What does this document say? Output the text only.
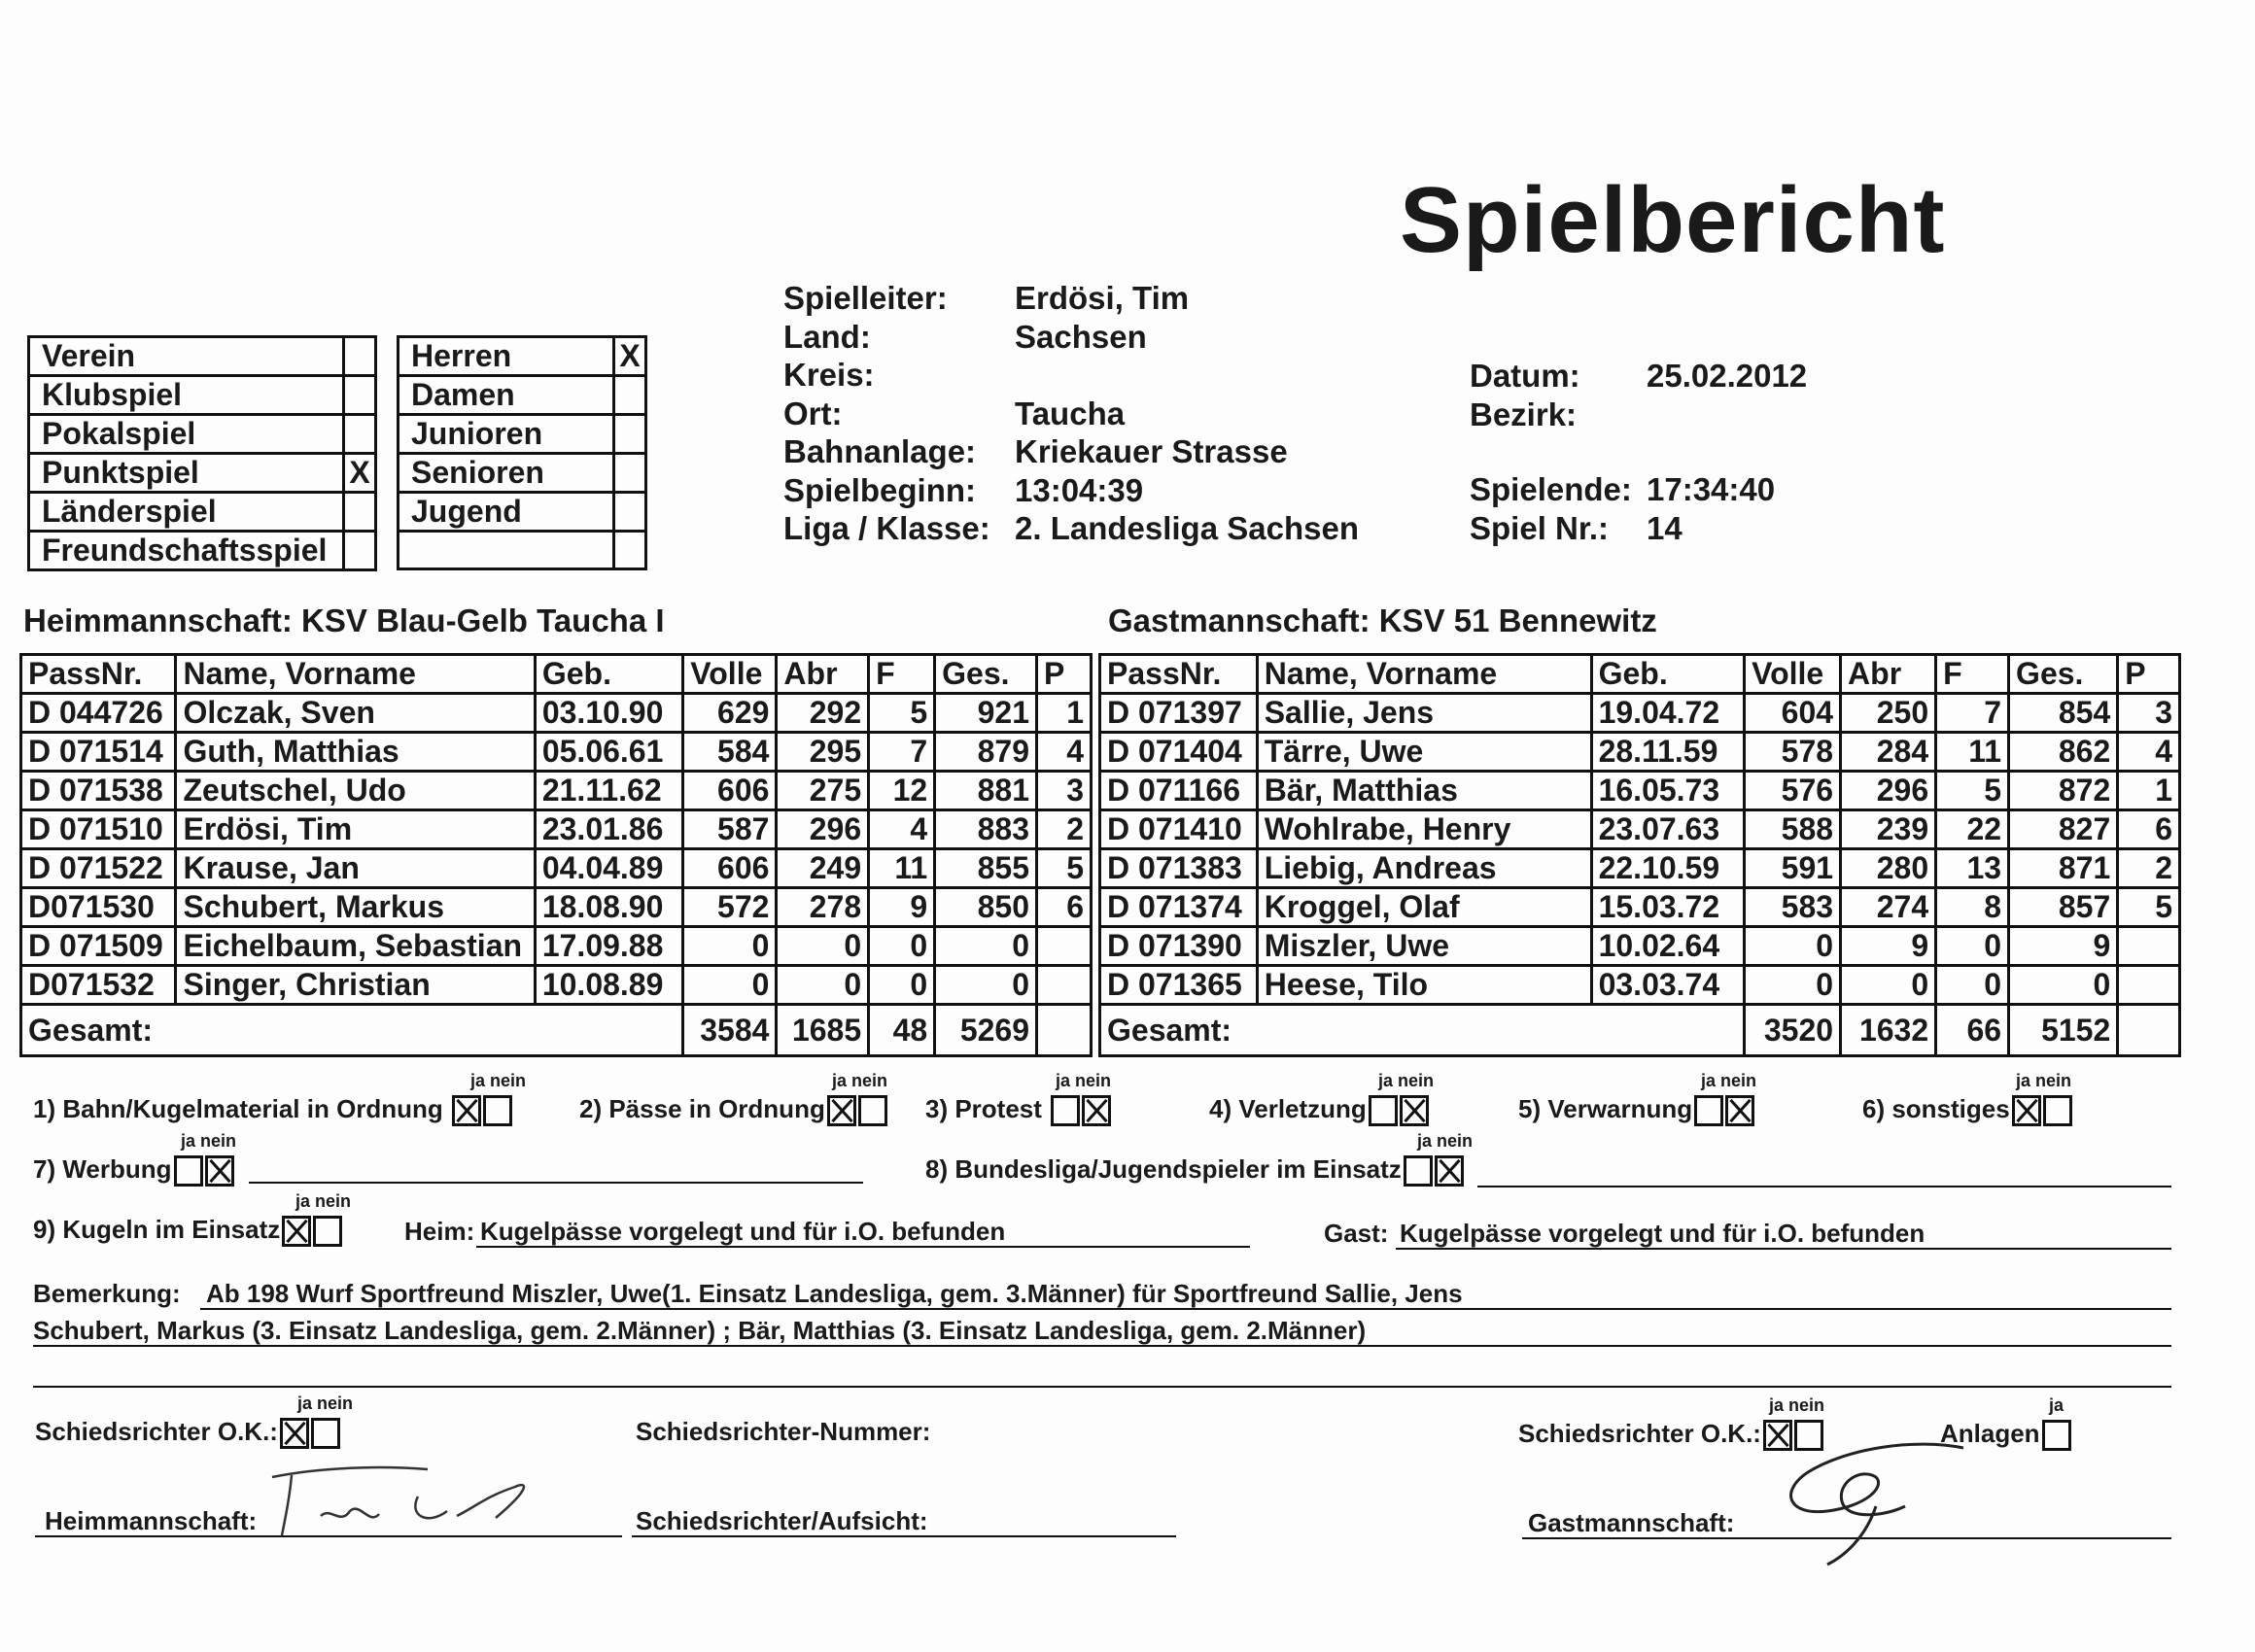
Spielbericht
Spielleiter: Erdösi, Tim
Land:	Sachsen
Kreis:
Ort:	Taucha
Bahnanlage: Kriekauer Strasse
Spielbeginn: 13:04:39
Liga / Klasse: 2. Landesliga Sachsen
Datum: 25.02.2012
Bezirk:
Spielende: 17:34:40
Spiel Nr.: 14
Verein	
Klubspiel	
Pokalspiel	
Punktspiel	X
Länderspiel	
Freundschaftsspiel	
Herren	X
Damen	
Junioren	
Senioren	
Jugend	

Heimmannschaft: KSV Blau-Gelb Taucha I	Gastmannschaft: KSV 51 Bennewitz
PassNr.	Name, Vorname	Geb.	Volle	Abr	F	Ges.	P
D 044726	Olczak, Sven	03.10.90	629	292	5	921	1
D 071514	Guth, Matthias	05.06.61	584	295	7	879	4
D 071538	Zeutschel, Udo	21.11.62	606	275	12	881	3
D 071510	Erdösi, Tim	23.01.86	587	296	4	883	2
D 071522	Krause, Jan	04.04.89	606	249	11	855	5
D071530	Schubert, Markus	18.08.90	572	278	9	850	6
D 071509	Eichelbaum, Sebastian	17.09.88	0	0	0	0	
D071532	Singer, Christian	10.08.89	0	0	0	0	
Gesamt:			3584	1685	48	5269	
PassNr.	Name, Vorname	Geb.	Volle	Abr	F	Ges.	P
D 071397	Sallie, Jens	19.04.72	604	250	7	854	3
D 071404	Tärre, Uwe	28.11.59	578	284	11	862	4
D 071166	Bär, Matthias	16.05.73	576	296	5	872	1
D 071410	Wohlrabe, Henry	23.07.63	588	239	22	827	6
D 071383	Liebig, Andreas	22.10.59	591	280	13	871	2
D 071374	Kroggel, Olaf	15.03.72	583	274	8	857	5
D 071390	Miszler, Uwe	10.02.64	0	9	0	9	
D 071365	Heese, Tilo	03.03.74	0	0	0	0	
Gesamt:			3520	1632	66	5152	
1) Bahn/Kugelmaterial in Ordnung
ja nein
2) Pässe in Ordnung
ja nein
3) Protest
ja nein
4) Verletzung
ja nein
5) Verwarnung
ja nein
6) sonstiges
ja nein
7) Werbung
ja nein
8) Bundesliga/Jugendspieler im Einsatz
ja nein
9) Kugeln im Einsatz
ja nein
Heim: Kugelpässe vorgelegt und für i.O. befunden	Gast: Kugelpässe vorgelegt und für i.O. befunden
Bemerkung: Ab 198 Wurf Sportfreund Miszler, Uwe(1. Einsatz Landesliga, gem. 3.Männer) für Sportfreund Sallie, Jens
Schubert, Markus (3. Einsatz Landesliga, gem. 2.Männer) ; Bär, Matthias (3. Einsatz Landesliga, gem. 2.Männer)
Schiedsrichter O.K.:
ja nein
Schiedsrichter-Nummer:	Schiedsrichter O.K.:
ja nein
Anlagen
ja
Heimmannschaft:	Schiedsrichter/Aufsicht:	Gastmannschaft:
